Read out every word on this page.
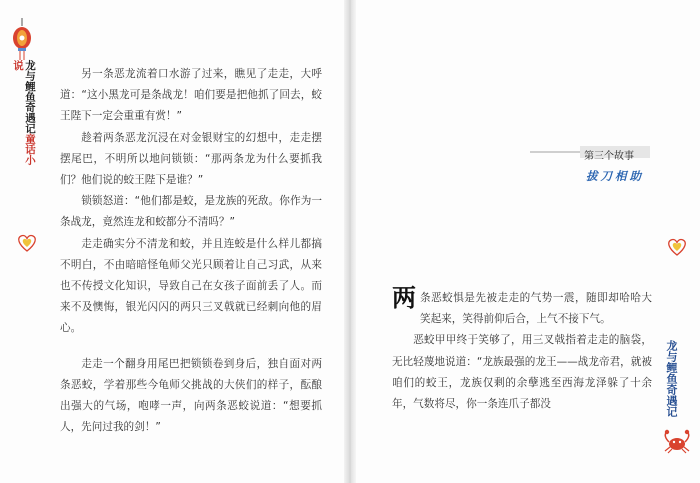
龙与鲤鱼奇遇记童话小说

另一条恶龙流着口水游了过来，瞧见了走走，大呼道：“这小黑龙可是条战龙！咱们要是把他抓了回去，蛟王陛下一定会重重有赏！”

趁着两条恶龙沉浸在对金银财宝的幻想中，走走摆摆尾巴，不明所以地问锁锁：“那两条龙为什么要抓我们？他们说的蛟王陛下是谁？”

锁锁怒道：“他们都是蛟，是龙族的死敌。你作为一条战龙，竟然连龙和蛟都分不清吗？”

走走确实分不清龙和蛟，并且连蛟是什么样儿都搞不明白，不由暗暗怪龟师父光只顾着让自己习武，从来也不传授文化知识，导致自己在女孩子面前丢了人。而来不及懊悔，银光闪闪的两只三叉戟就已经刺向他的眉心。

走走一个翻身用尾巴把锁锁卷到身后，独自面对两条恶蛟，学着那些今龟师父挑战的大侠们的样子，酝酿出强大的气场，咆哮一声，向两条恶蛟说道：“想要抓人，先问过我的剑！”

第三个故事
拔刀相助

两条恶蛟惧是先被走走的气势一震，随即却哈哈大笑起来，笑得前仰后合，上气不接下气。

恶蛟甲甲终于笑够了，用三叉戟指着走走的脑袋，无比轻蔑地说道：“龙族最强的龙王——战龙帝君，就被咱们的蛟王，龙族仅剩的余孽逃至西海龙泽躲了十余年，气数将尽，你一条连爪子都没	龙与鲤鱼奇遇记
